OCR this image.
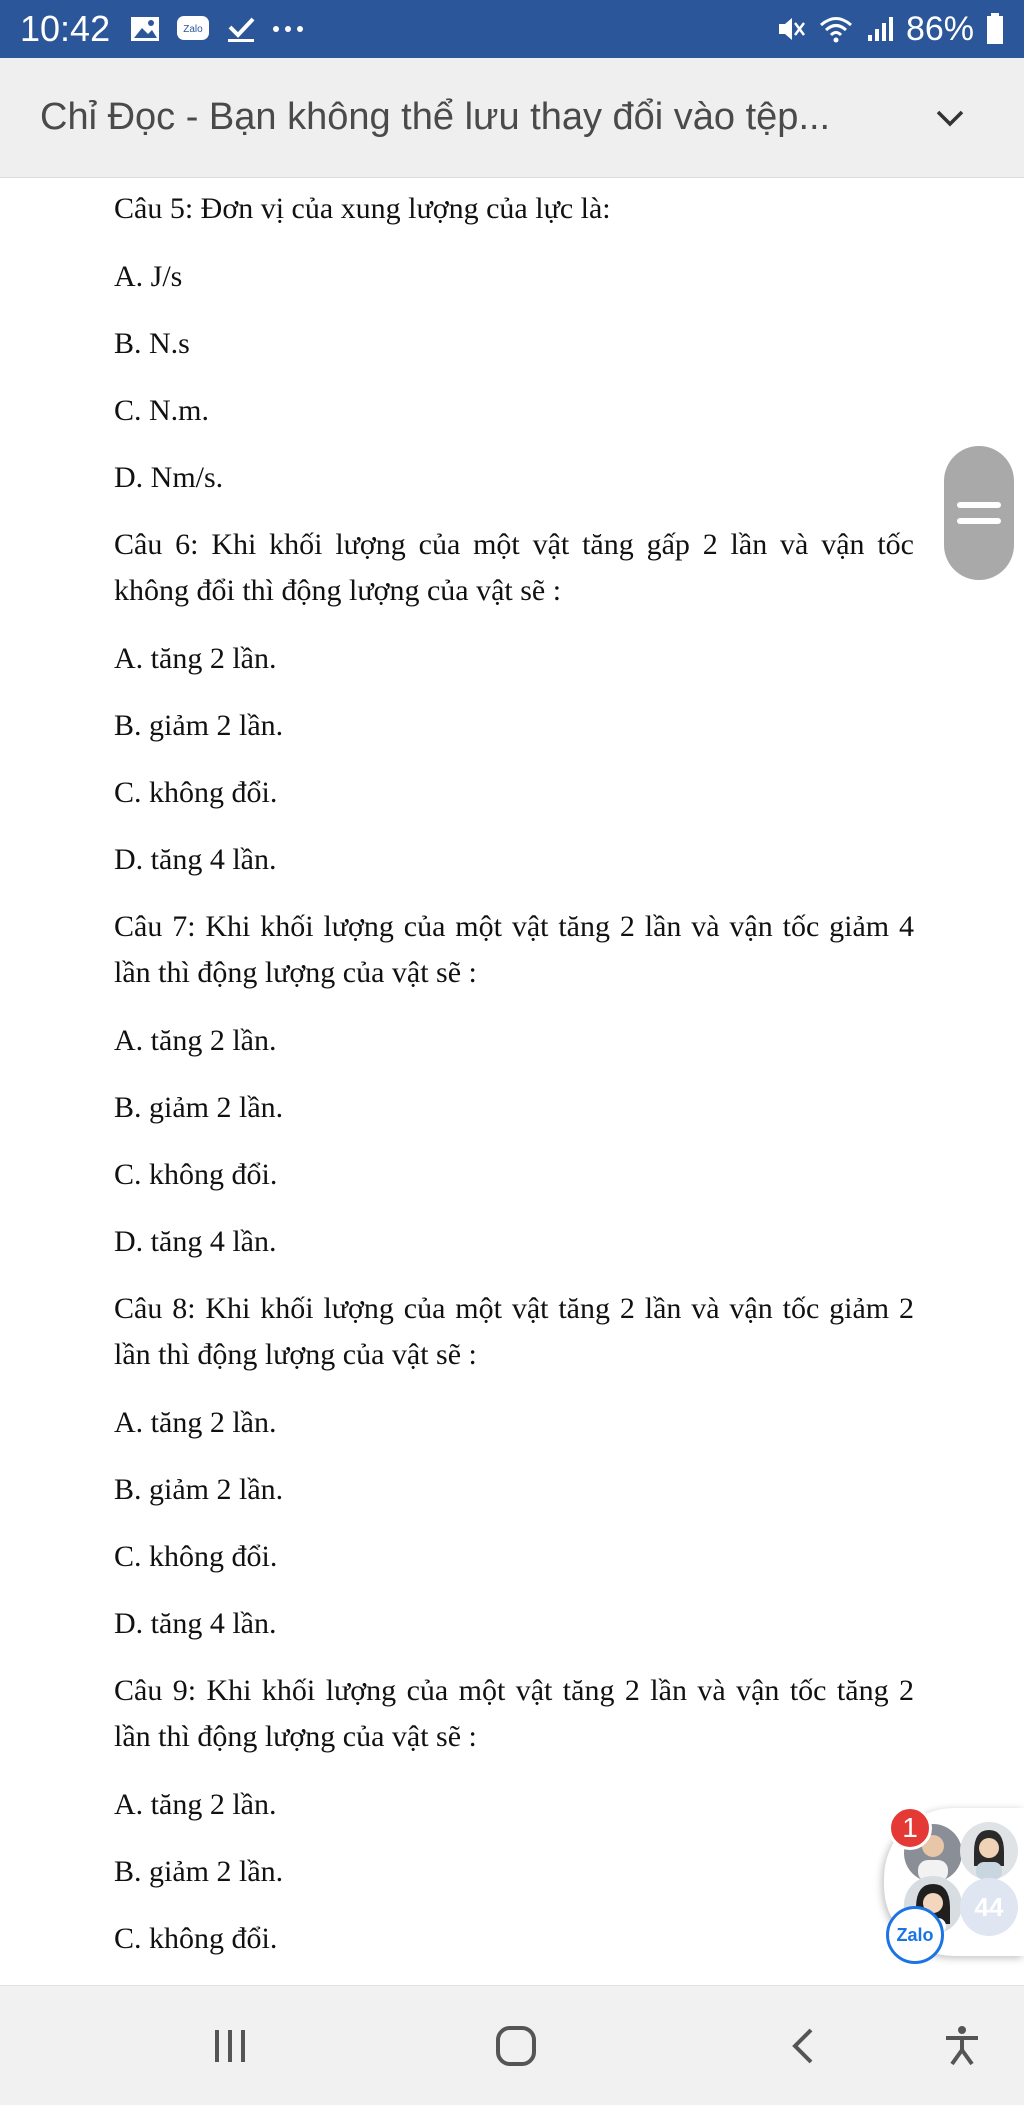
10:42	Zalo	86%
Chỉ Đọc - Bạn không thể lưu thay đổi vào tệp...

Câu 5: Đơn vị của xung lượng của lực là:

A. J/s

B. N.s

C. N.m.

D. Nm/s.

Câu 6: Khi khối lượng của một vật tăng gấp 2 lần và vận tốc không đổi thì động lượng của vật sẽ :

A. tăng 2 lần.

B. giảm 2 lần.

C. không đổi.

D. tăng 4 lần.

Câu 7: Khi khối lượng của một vật tăng 2 lần và vận tốc giảm 4 lần thì động lượng của vật sẽ :

A. tăng 2 lần.

B. giảm 2 lần.

C. không đổi.

D. tăng 4 lần.

Câu 8: Khi khối lượng của một vật tăng 2 lần và vận tốc giảm 2 lần thì động lượng của vật sẽ :

A. tăng 2 lần.

B. giảm 2 lần.

C. không đổi.

D. tăng 4 lần.

Câu 9: Khi khối lượng của một vật tăng 2 lần và vận tốc tăng 2 lần thì động lượng của vật sẽ :

A. tăng 2 lần.

B. giảm 2 lần.

C. không đổi.

44
1
Zalo
